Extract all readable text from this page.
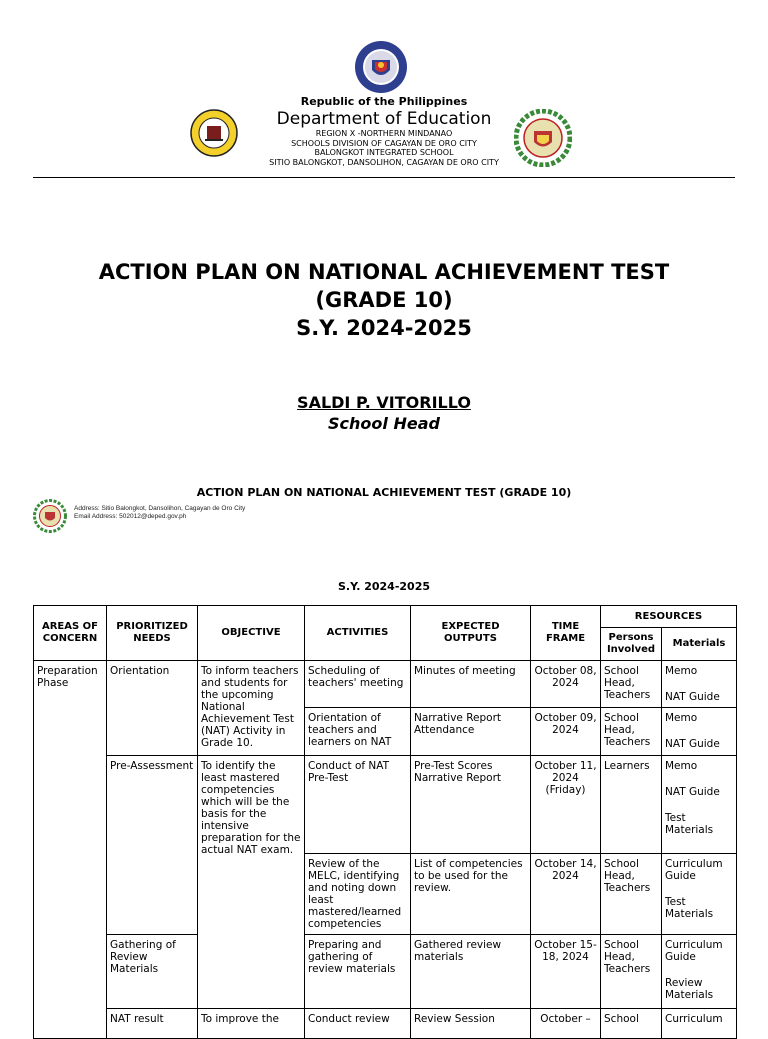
Republic of the Philippines
Department of Education
REGION X -NORTHERN MINDANAO
SCHOOLS DIVISION OF CAGAYAN DE ORO CITY
BALONGKOT INTEGRATED SCHOOL
SITIO BALONGKOT, DANSOLIHON, CAGAYAN DE ORO CITY
ACTION PLAN ON NATIONAL ACHIEVEMENT TEST
(GRADE 10)
S.Y. 2024-2025
SALDI P. VITORILLO
School Head
ACTION PLAN ON NATIONAL ACHIEVEMENT TEST (GRADE 10)
Address: Sitio Balongkot, Dansolihon, Cagayan de Oro City
Email Address: 502012@deped.gov.ph
S.Y. 2024-2025
AREAS OF CONCERN	PRIORITIZED NEEDS	OBJECTIVE	ACTIVITIES	EXPECTED OUTPUTS	TIME FRAME	RESOURCES	
						Persons Involved	Materials
Preparation Phase	Orientation	To inform teachers and students for the upcoming National Achievement Test (NAT) Activity in Grade 10.	Scheduling of teachers' meeting	Minutes of meeting	October 08, 2024	School Head, Teachers	Memo
NAT Guide

			Orientation of teachers and learners on NAT	Narrative Report Attendance	October 09, 2024	School Head, Teachers	Memo
NAT Guide

	Pre-Assessment	To identify the least mastered competencies which will be the basis for the intensive preparation for the actual NAT exam.	Conduct of NAT Pre-Test	Pre-Test Scores Narrative Report	October 11, 2024 (Friday)	Learners	Memo
NAT Guide
Test Materials

			Review of the MELC, identifying and noting down least mastered/learned competencies	List of competencies to be used for the review.	October 14, 2024	School Head, Teachers	Curriculum Guide
Test Materials

	Gathering of Review Materials		Preparing and gathering of review materials	Gathered review materials	October 15-18, 2024	School Head, Teachers	Curriculum Guide
Review Materials

	NAT result	To improve the	Conduct review	Review Session	October –	School	Curriculum
